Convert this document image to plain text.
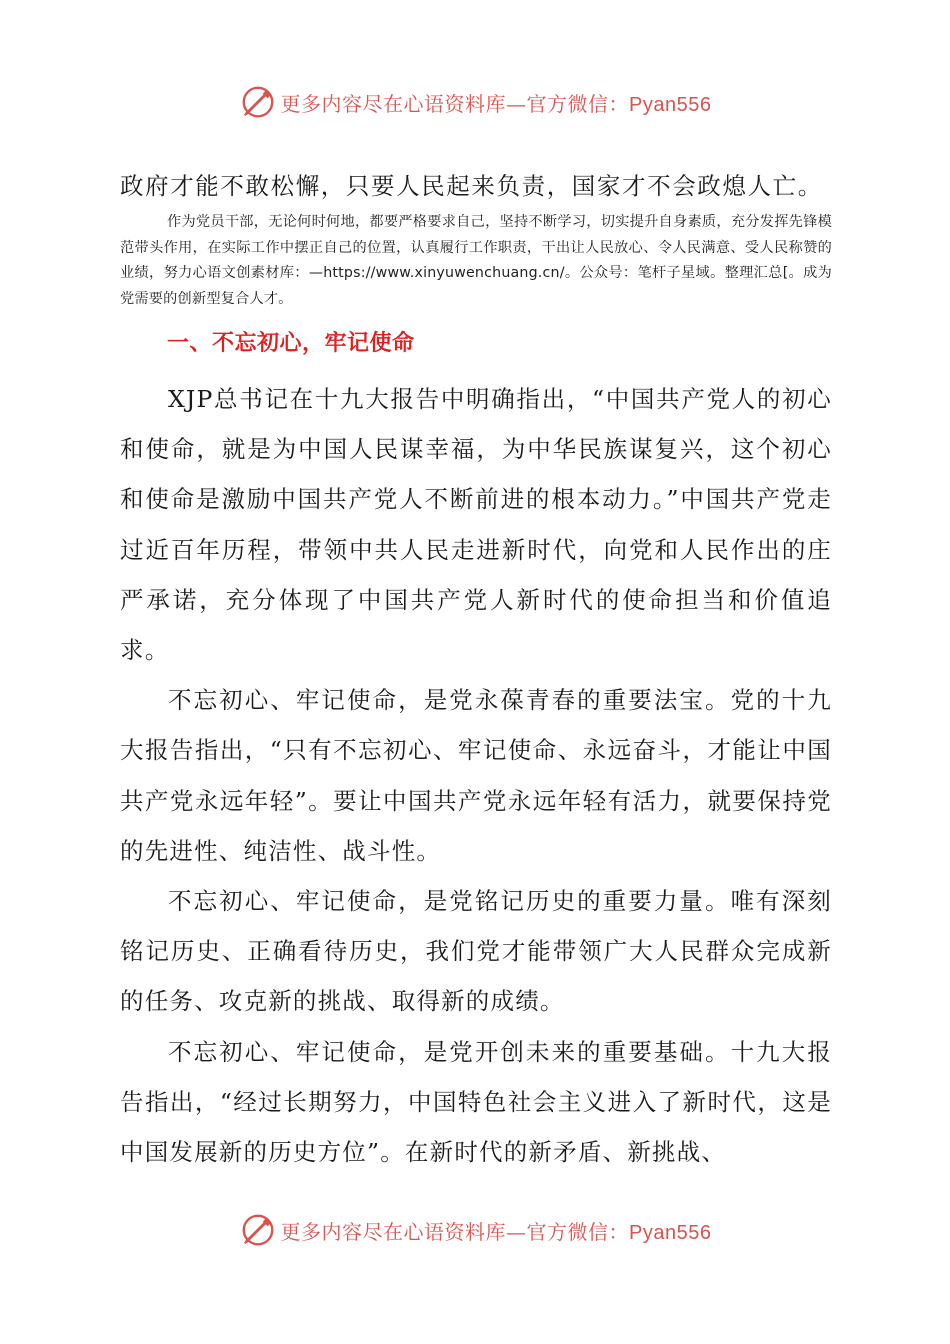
更多内容尽在心语资料库—官方微信：Pyan556

政府才能不敢松懈，只要人民起来负责，国家才不会政熄人亡。

作为党员干部，无论何时何地，都要严格要求自己，坚持不断学习，切实提升自身素质，充分发挥先锋模范带头作用，在实际工作中摆正自己的位置，认真履行工作职责，干出让人民放心、令人民满意、受人民称赞的业绩，努力心语文创素材库：—https://www.xinyuwenchuang.cn/。公众号：笔杆子星域。整理汇总[。成为党需要的创新型复合人才。

一、不忘初心，牢记使命

XJP总书记在十九大报告中明确指出，“中国共产党人的初心和使命，就是为中国人民谋幸福，为中华民族谋复兴，这个初心和使命是激励中国共产党人不断前进的根本动力。”中国共产党走过近百年历程，带领中共人民走进新时代，向党和人民作出的庄严承诺，充分体现了中国共产党人新时代的使命担当和价值追求。

不忘初心、牢记使命，是党永葆青春的重要法宝。党的十九大报告指出，“只有不忘初心、牢记使命、永远奋斗，才能让中国共产党永远年轻”。要让中国共产党永远年轻有活力，就要保持党的先进性、纯洁性、战斗性。

不忘初心、牢记使命，是党铭记历史的重要力量。唯有深刻铭记历史、正确看待历史，我们党才能带领广大人民群众完成新的任务、攻克新的挑战、取得新的成绩。

不忘初心、牢记使命，是党开创未来的重要基础。十九大报告指出，“经过长期努力，中国特色社会主义进入了新时代，这是中国发展新的历史方位”。在新时代的新矛盾、新挑战、

更多内容尽在心语资料库—官方微信：Pyan556
